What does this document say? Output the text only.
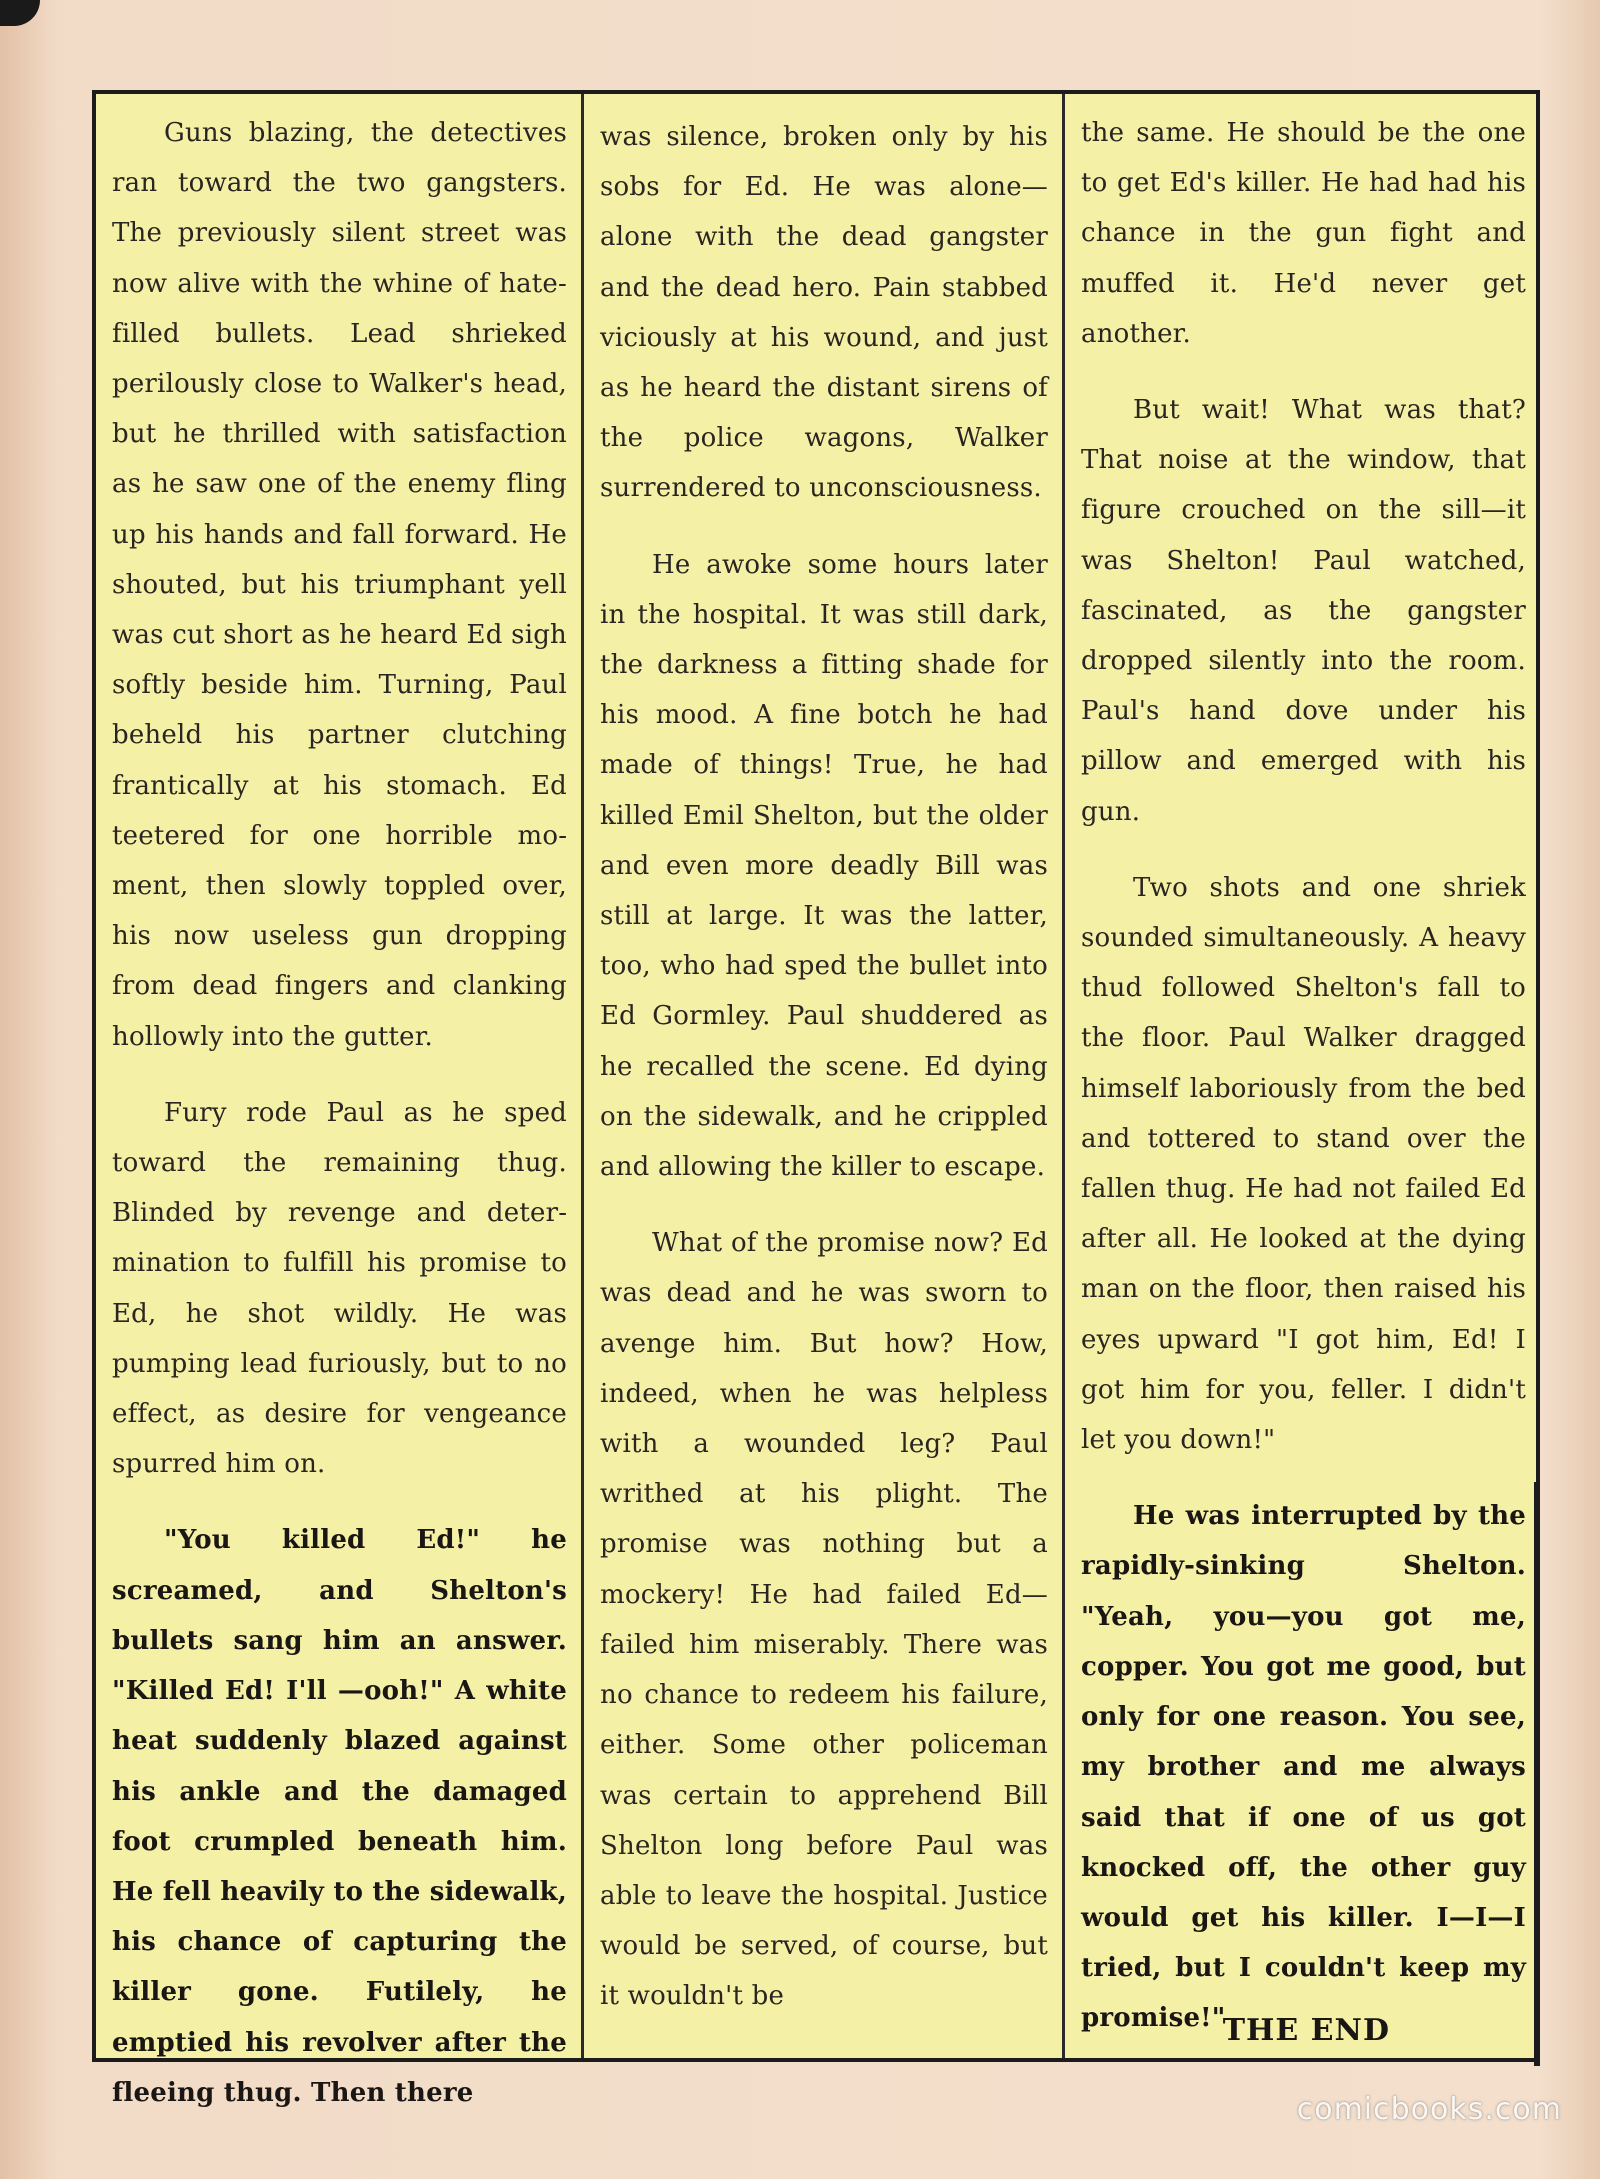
Guns blazing, the detectives ran toward the two gangsters. The previously silent street was now alive with the whine of hate-filled bullets. Lead shrieked perilously close to Walker's head, but he thrilled with satisfaction as he saw one of the enemy fling up his hands and fall forward. He shouted, but his triumphant yell was cut short as he heard Ed sigh softly beside him. Turning, Paul beheld his partner clutching frantically at his stomach. Ed teetered for one horrible moment, then slowly toppled over, his now useless gun dropping from dead fingers and clanking hollowly into the gutter.

Fury rode Paul as he sped toward the remaining thug. Blinded by revenge and determination to fulfill his promise to Ed, he shot wildly. He was pumping lead furiously, but to no effect, as desire for vengeance spurred him on.

"You killed Ed!" he screamed, and Shelton's bullets sang him an answer. "Killed Ed! I'll —ooh!" A white heat suddenly blazed against his ankle and the damaged foot crumpled beneath him. He fell heavily to the sidewalk, his chance of capturing the killer gone. Futilely, he emptied his revolver after the fleeing thug. Then there

was silence, broken only by his sobs for Ed. He was alone— alone with the dead gangster and the dead hero. Pain stabbed viciously at his wound, and just as he heard the distant sirens of the police wagons, Walker surrendered to unconsciousness.

He awoke some hours later in the hospital. It was still dark, the darkness a fitting shade for his mood. A fine botch he had made of things! True, he had killed Emil Shelton, but the older and even more deadly Bill was still at large. It was the latter, too, who had sped the bullet into Ed Gormley. Paul shuddered as he recalled the scene. Ed dying on the sidewalk, and he crippled and allowing the killer to escape.

What of the promise now? Ed was dead and he was sworn to avenge him. But how? How, indeed, when he was helpless with a wounded leg? Paul writhed at his plight. The promise was nothing but a mockery! He had failed Ed— failed him miserably. There was no chance to redeem his failure, either. Some other policeman was certain to apprehend Bill Shelton long before Paul was able to leave the hospital. Justice would be served, of course, but it wouldn't be

the same. He should be the one to get Ed's killer. He had had his chance in the gun fight and muffed it. He'd never get another.

But wait! What was that? That noise at the window, that figure crouched on the sill—it was Shelton! Paul watched, fascinated, as the gangster dropped silently into the room. Paul's hand dove under his pillow and emerged with his gun.

Two shots and one shriek sounded simultaneously. A heavy thud followed Shelton's fall to the floor. Paul Walker dragged himself laboriously from the bed and tottered to stand over the fallen thug. He had not failed Ed after all. He looked at the dying man on the floor, then raised his eyes upward "I got him, Ed! I got him for you, feller. I didn't let you down!"

He was interrupted by the rapidly-sinking Shelton. "Yeah, you—you got me, copper. You got me good, but only for one reason. You see, my brother and me always said that if one of us got knocked off, the other guy would get his killer. I—I—I tried, but I couldn't keep my promise!"

THE END
comicbooks.com
